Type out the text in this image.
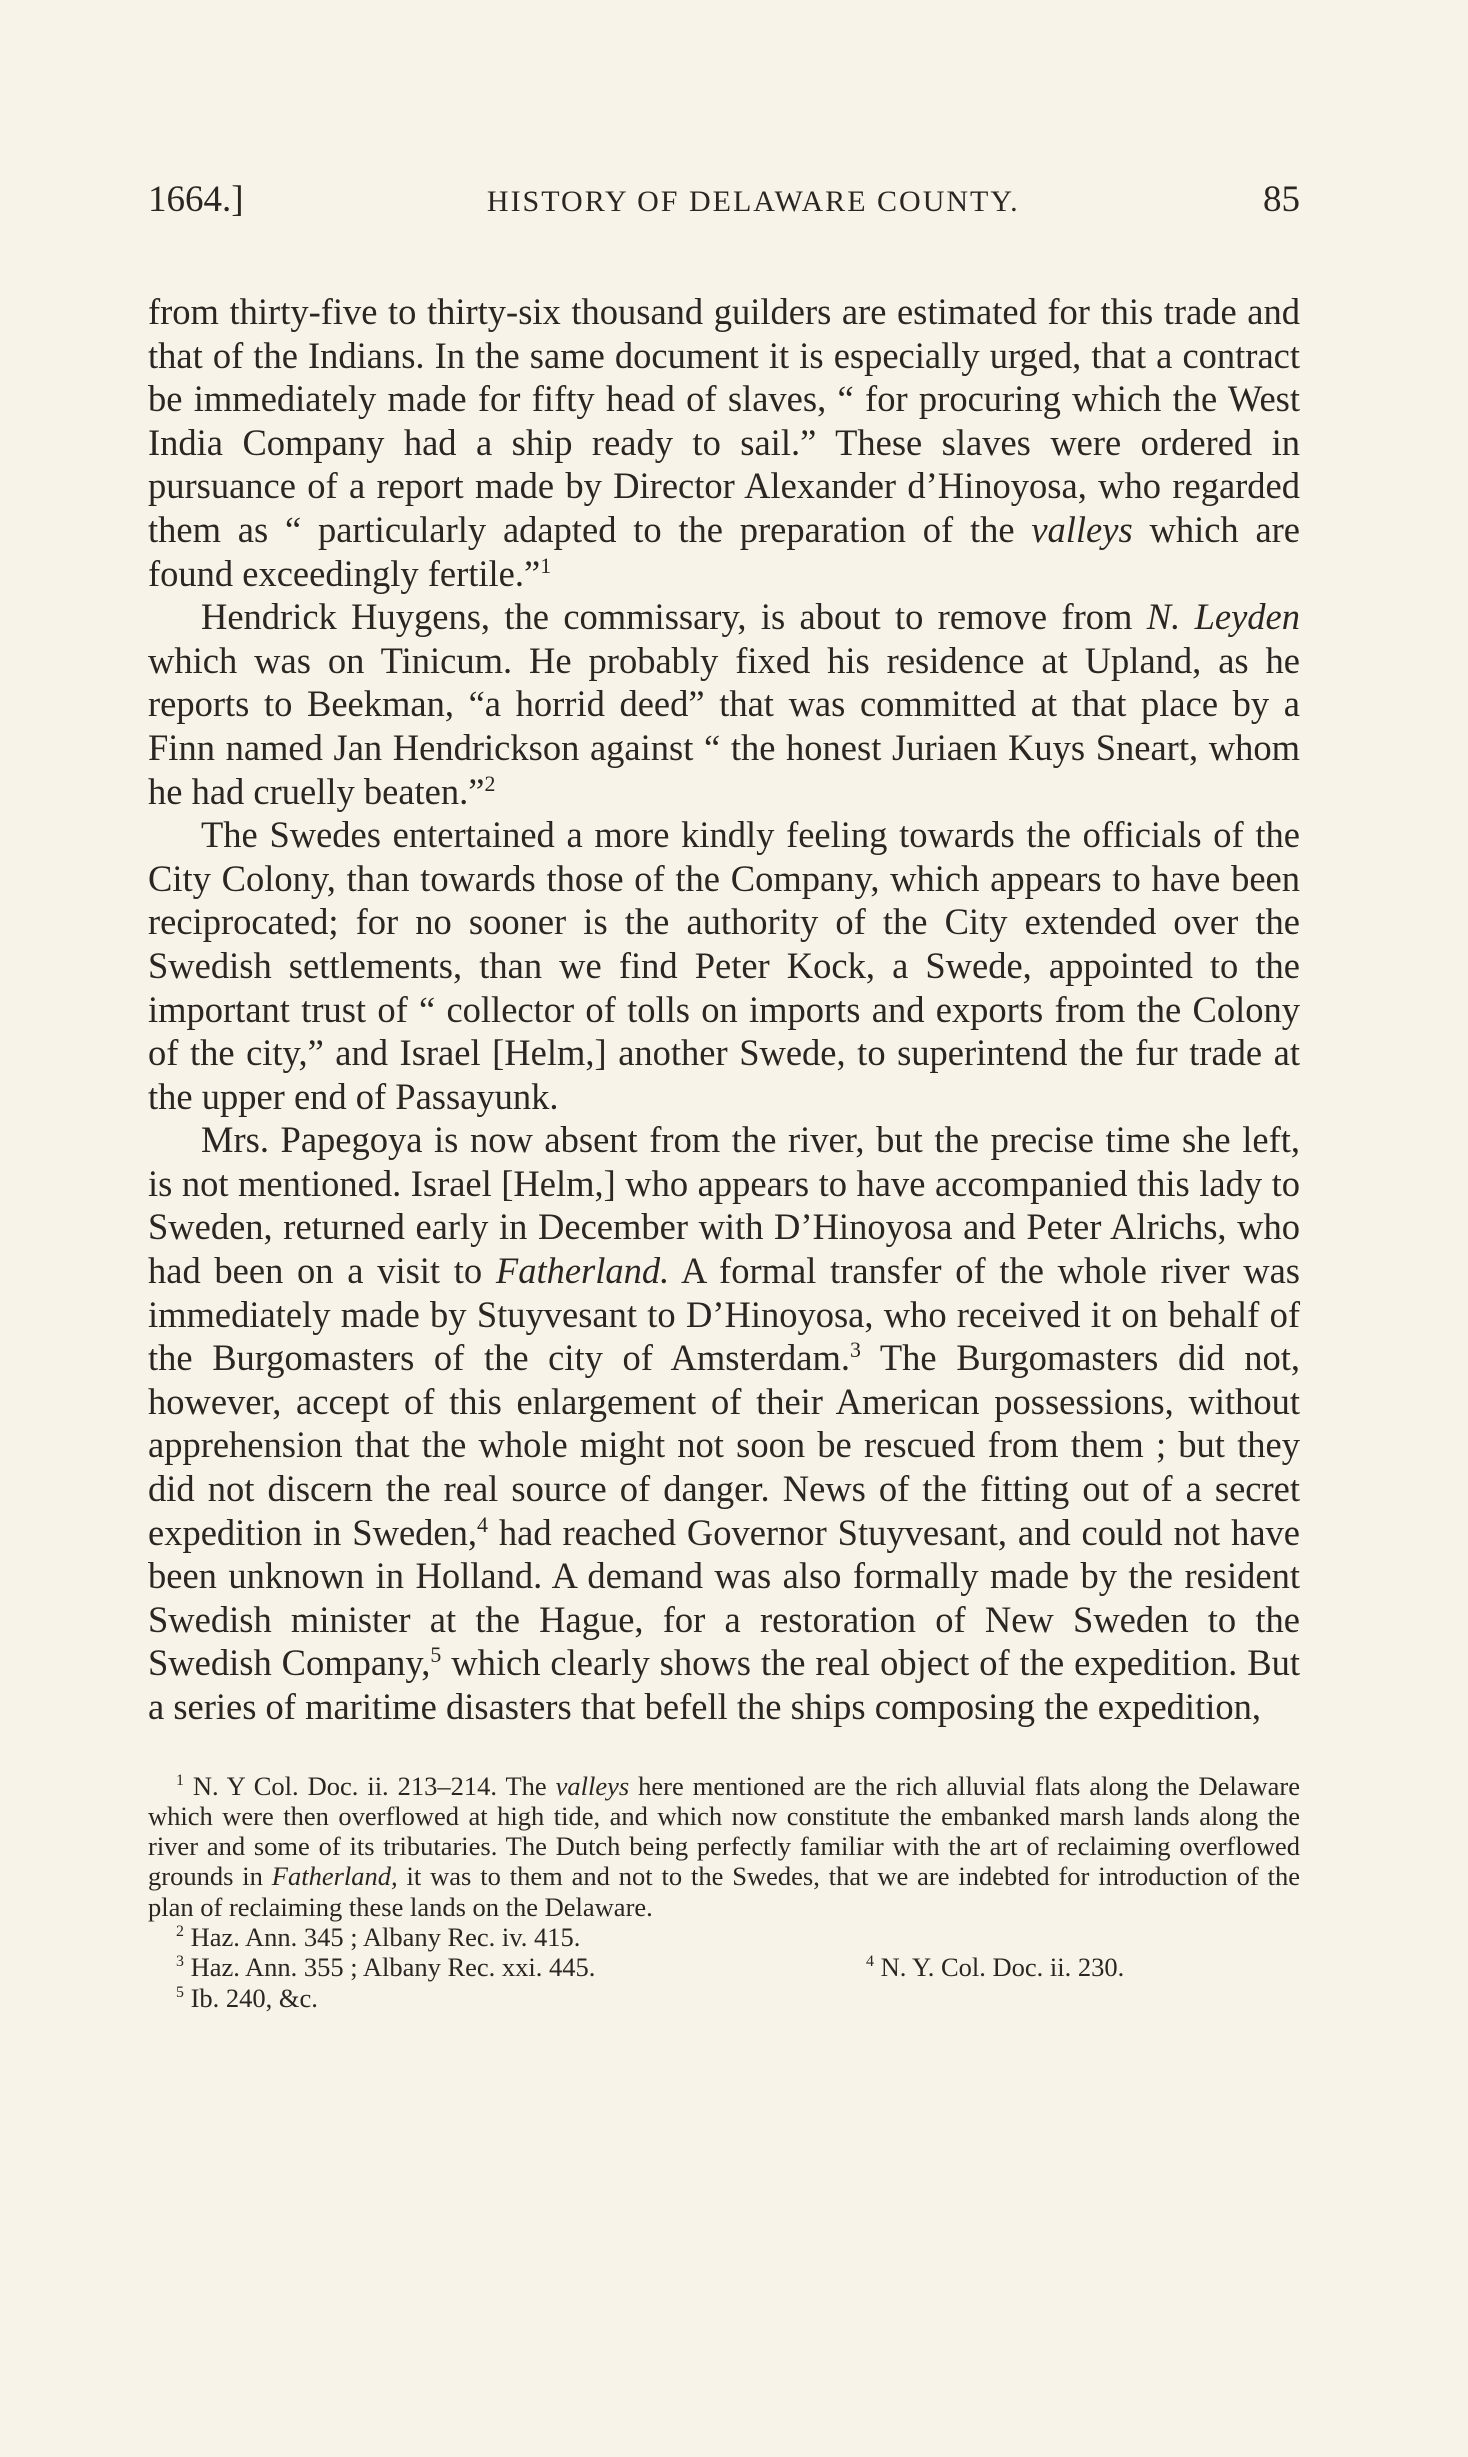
1664.]	HISTORY OF DELAWARE COUNTY.	85

from thirty-five to thirty-six thousand guilders are estimated for this trade and that of the Indians. In the same document it is especially urged, that a contract be immediately made for fifty head of slaves, “ for procuring which the West India Company had a ship ready to sail.” These slaves were ordered in pursuance of a report made by Director Alexander d’Hinoyosa, who regarded them as “ particularly adapted to the preparation of the valleys which are found exceedingly fertile.”$^1$

Hendrick Huygens, the commissary, is about to remove from N. Leyden which was on Tinicum. He probably fixed his residence at Upland, as he reports to Beekman, “a horrid deed” that was committed at that place by a Finn named Jan Hendrickson against “ the honest Juriaen Kuys Sneart, whom he had cruelly beaten.”$^2$

The Swedes entertained a more kindly feeling towards the officials of the City Colony, than towards those of the Company, which appears to have been reciprocated; for no sooner is the authority of the City extended over the Swedish settlements, than we find Peter Kock, a Swede, appointed to the important trust of “ collector of tolls on imports and exports from the Colony of the city,” and Israel [Helm,] another Swede, to superintend the fur trade at the upper end of Passayunk.

Mrs. Papegoya is now absent from the river, but the precise time she left, is not mentioned. Israel [Helm,] who appears to have accompanied this lady to Sweden, returned early in December with D’Hinoyosa and Peter Alrichs, who had been on a visit to Fatherland. A formal transfer of the whole river was immediately made by Stuyvesant to D’Hinoyosa, who received it on behalf of the Burgomasters of the city of Amsterdam.$^3$ The Burgomasters did not, however, accept of this enlargement of their American possessions, without apprehension that the whole might not soon be rescued from them ; but they did not discern the real source of danger. News of the fitting out of a secret expedition in Sweden,$^4$ had reached Governor Stuyvesant, and could not have been unknown in Holland. A demand was also formally made by the resident Swedish minister at the Hague, for a restoration of New Sweden to the Swedish Company,$^5$ which clearly shows the real object of the expedition. But a series of maritime disasters that befell the ships composing the expedition,

$^1$ N. Y Col. Doc. ii. 213–214. The valleys here mentioned are the rich alluvial flats along the Delaware which were then overflowed at high tide, and which now constitute the embanked marsh lands along the river and some of its tributaries. The Dutch being perfectly familiar with the art of reclaiming overflowed grounds in Fatherland, it was to them and not to the Swedes, that we are indebted for introduction of the plan of reclaiming these lands on the Delaware.

$^2$ Haz. Ann. 345 ; Albany Rec. iv. 415.
$^3$ Haz. Ann. 355 ; Albany Rec. xxi. 445.	$^4$ N. Y. Col. Doc. ii. 230.
$^5$ Ib. 240, &c.
